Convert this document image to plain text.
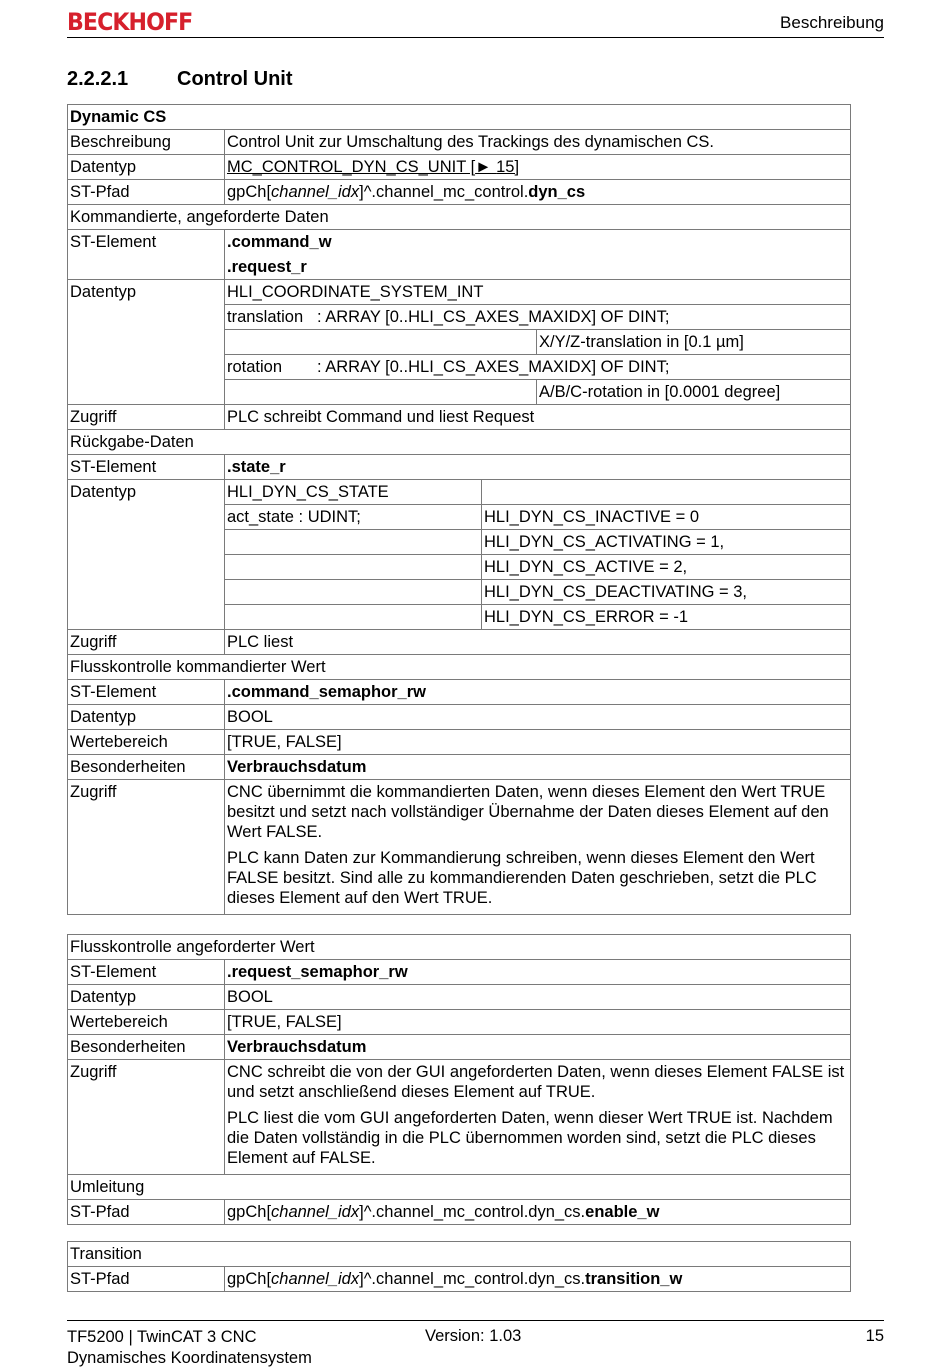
BECKHOFF	Beschreibung
2.2.2.1 Control Unit
Dynamic CS			
Beschreibung	Control Unit zur Umschaltung des Trackings des dynamischen CS.		
Datentyp	MC_CONTROL_DYN_CS_UNIT [► 15]		
ST-Pfad	gpCh[channel_idx]^.channel_mc_control.dyn_cs		
Kommandierte, angeforderte Daten			
ST-Element	.command_w		
	.request_r		
Datentyp	HLI_COORDINATE_SYSTEM_INT		
	translation : ARRAY [0..HLI_CS_AXES_MAXIDX] OF DINT;		
			X/Y/Z-translation in [0.1 µm]
	rotation : ARRAY [0..HLI_CS_AXES_MAXIDX] OF DINT;		
			A/B/C-rotation in [0.0001 degree]
Zugriff	PLC schreibt Command und liest Request		
Rückgabe-Daten			
ST-Element	.state_r		
Datentyp	HLI_DYN_CS_STATE		
	act_state : UDINT;	HLI_DYN_CS_INACTIVE = 0	
		HLI_DYN_CS_ACTIVATING = 1,	
		HLI_DYN_CS_ACTIVE = 2,	
		HLI_DYN_CS_DEACTIVATING = 3,	
		HLI_DYN_CS_ERROR = -1	
Zugriff	PLC liest		
Flusskontrolle kommandierter Wert			
ST-Element	.command_semaphor_rw		
Datentyp	BOOL		
Wertebereich	[TRUE, FALSE]		
Besonderheiten	Verbrauchsdatum		
Zugriff	CNC übernimmt die kommandierten Daten, wenn dieses Element den Wert TRUE besitzt und setzt nach vollständiger Übernahme der Daten dieses Element auf den Wert FALSE.
PLC kann Daten zur Kommandierung schreiben, wenn dieses Element den Wert FALSE besitzt. Sind alle zu kommandierenden Daten geschrieben, setzt die PLC dieses Element auf den Wert TRUE.		
Flusskontrolle angeforderter Wert	
ST-Element	.request_semaphor_rw
Datentyp	BOOL
Wertebereich	[TRUE, FALSE]
Besonderheiten	Verbrauchsdatum
Zugriff	CNC schreibt die von der GUI angeforderten Daten, wenn dieses Element FALSE ist und setzt anschließend dieses Element auf TRUE.
PLC liest die vom GUI angeforderten Daten, wenn dieser Wert TRUE ist. Nachdem die Daten vollständig in die PLC übernommen worden sind, setzt die PLC dieses Element auf FALSE.

Umleitung	
ST-Pfad	gpCh[channel_idx]^.channel_mc_control.dyn_cs.enable_w
Transition
ST-Pfad	gpCh[channel_idx]^.channel_mc_control.dyn_cs.transition_w
TF5200 | TwinCAT 3 CNC
Dynamisches Koordinatensystem
Version: 1.03	15
